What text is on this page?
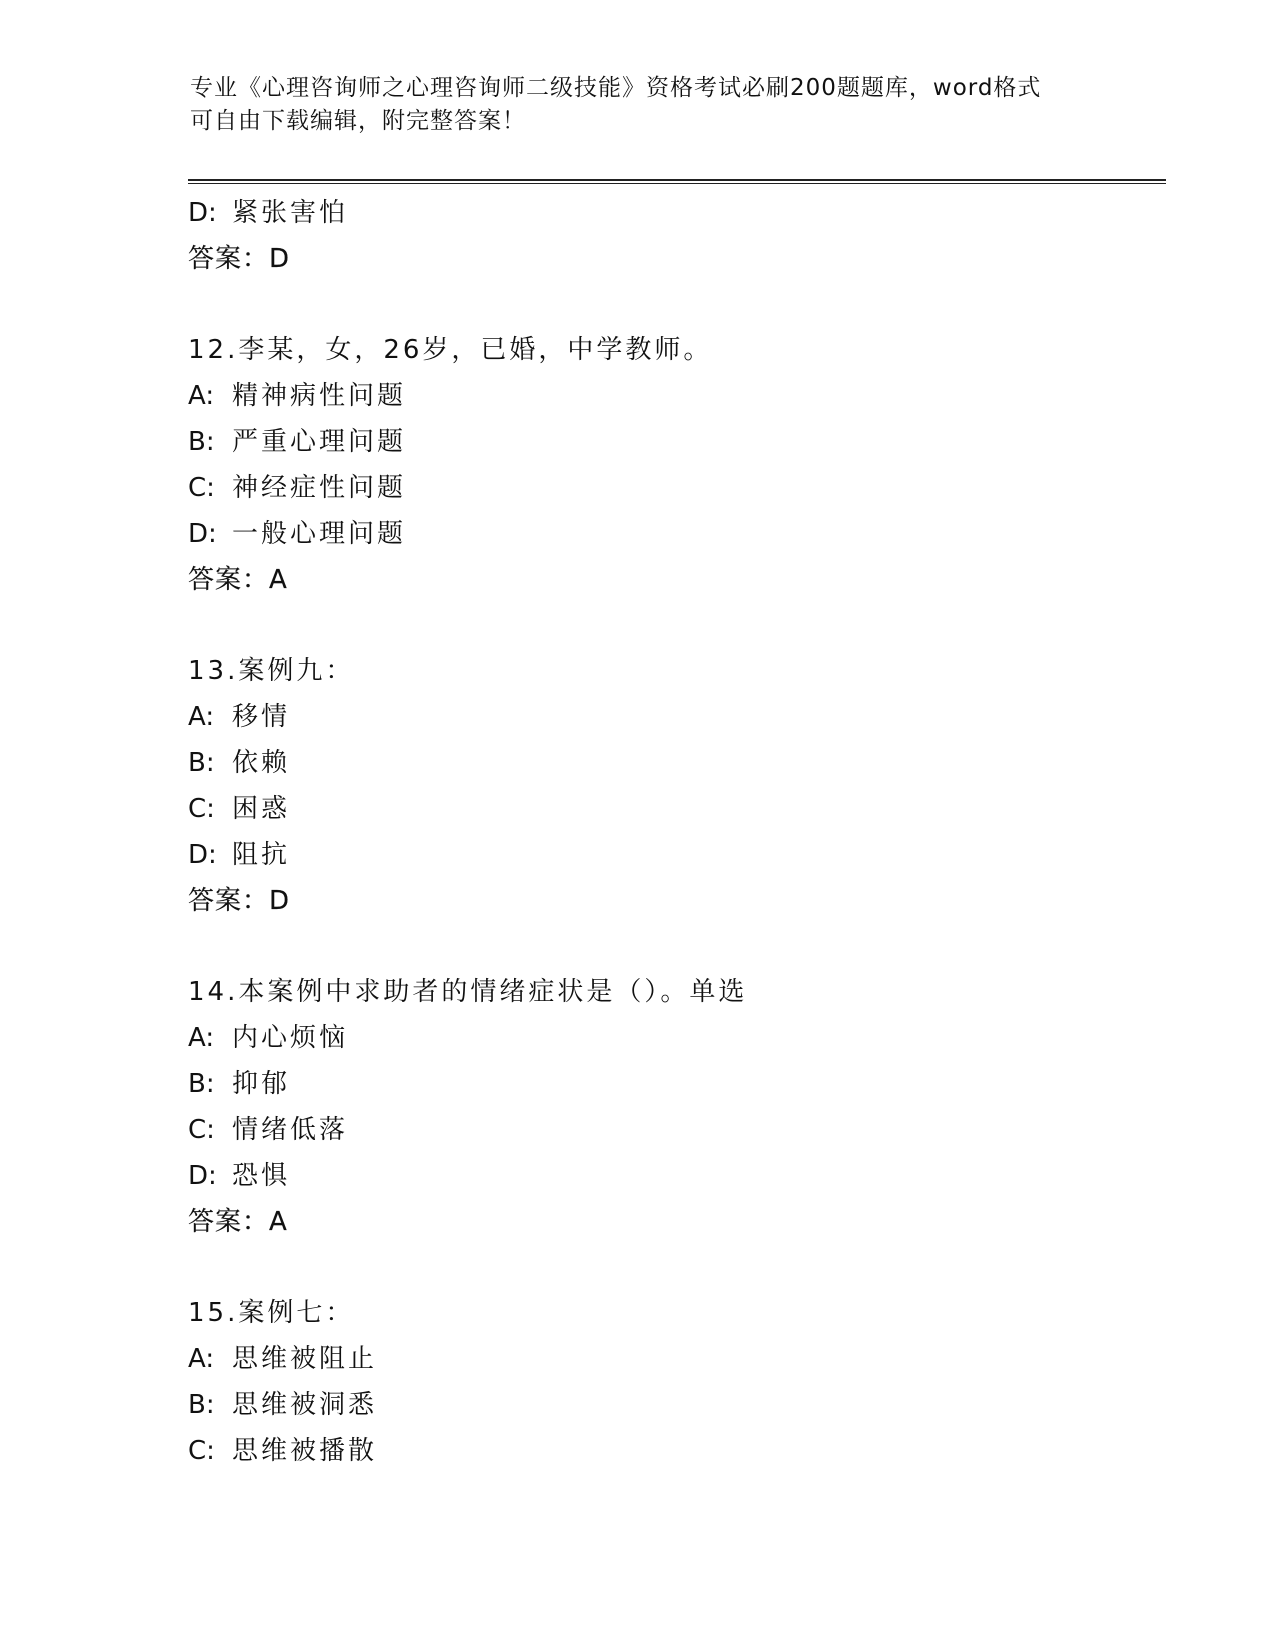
专业《心理咨询师之心理咨询师二级技能》资格考试必刷200题题库，word格式
可自由下载编辑，附完整答案！
D: 紧张害怕
答案：D
12.李某，女，26岁，已婚，中学教师。
A: 精神病性问题
B: 严重心理问题
C: 神经症性问题
D: 一般心理问题
答案：A
13.案例九：
A: 移情
B: 依赖
C: 困惑
D: 阻抗
答案：D
14.本案例中求助者的情绪症状是（）。单选
A: 内心烦恼
B: 抑郁
C: 情绪低落
D: 恐惧
答案：A
15.案例七：
A: 思维被阻止
B: 思维被洞悉
C: 思维被播散
